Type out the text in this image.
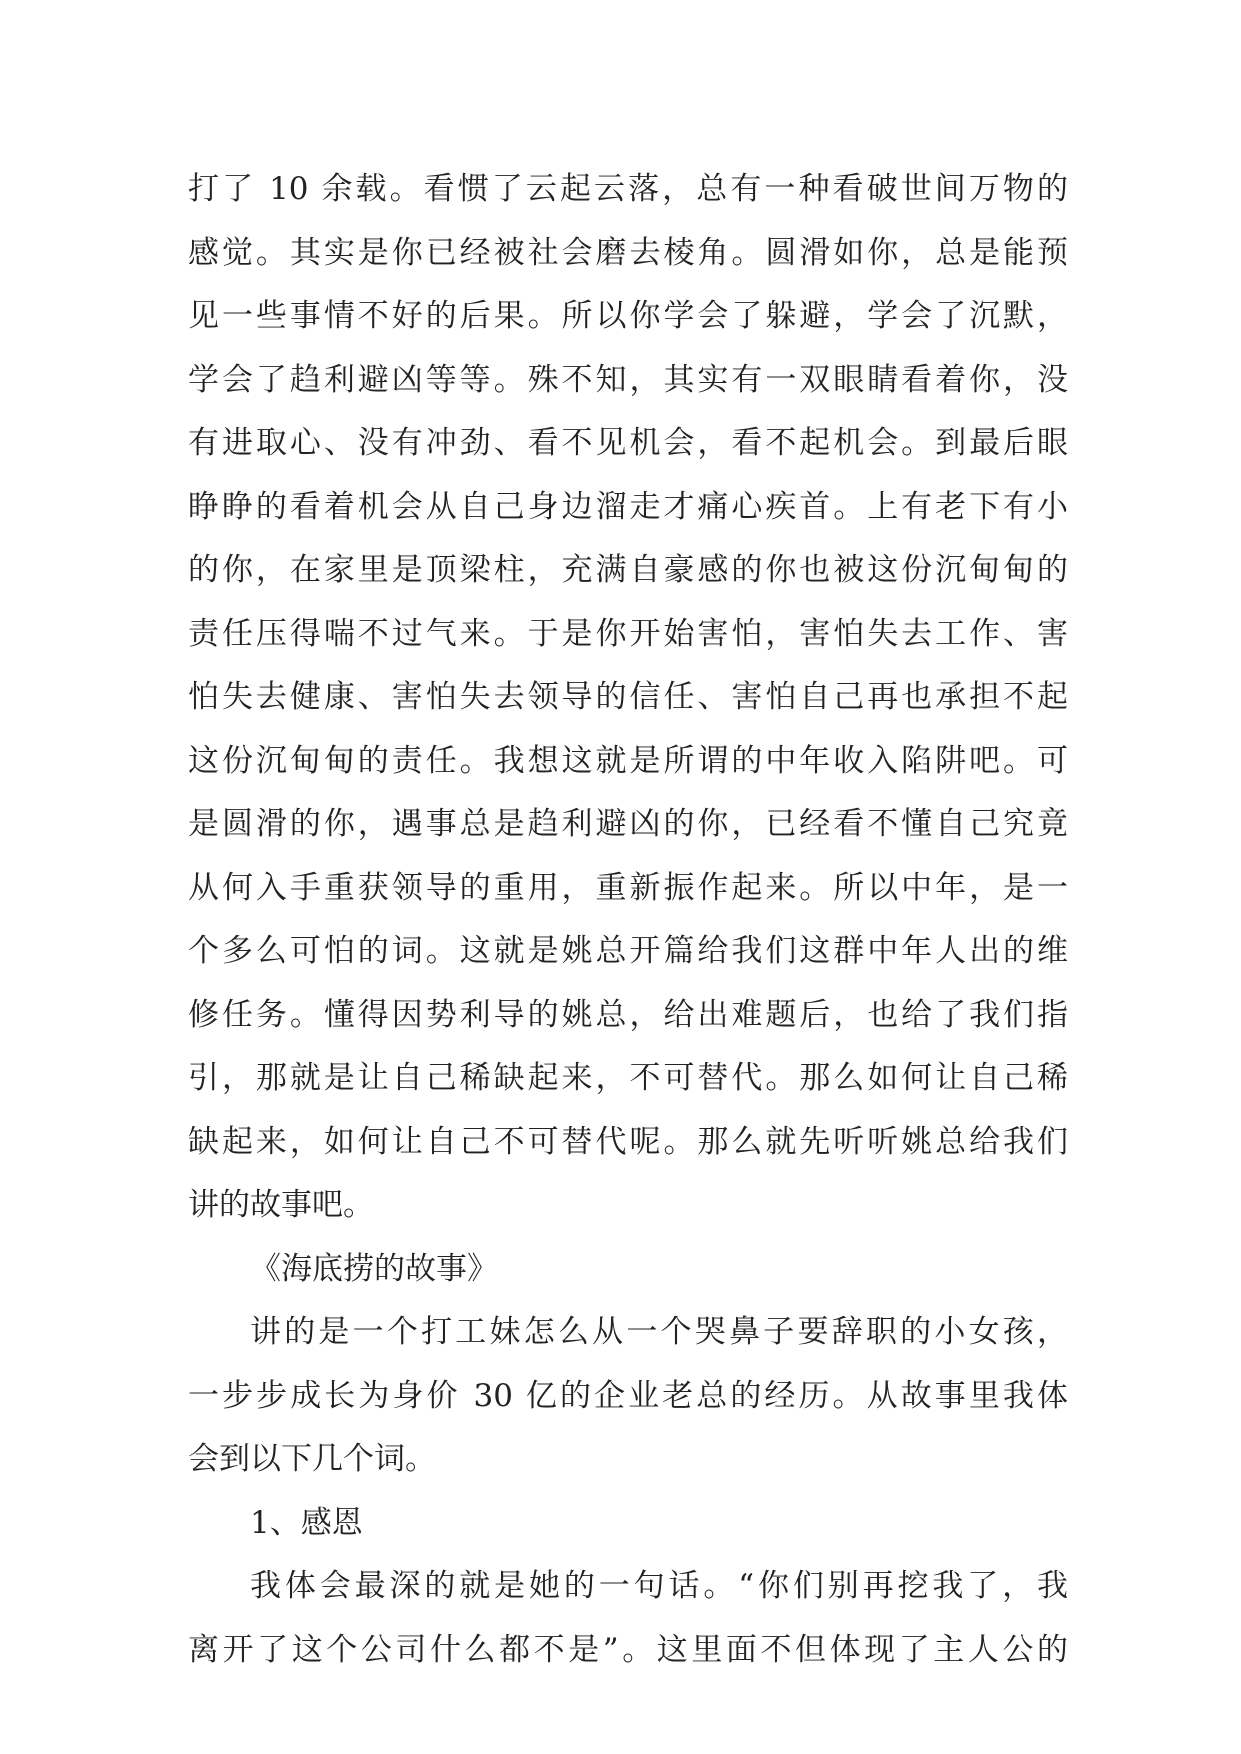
打了 10 余载。看惯了云起云落，总有一种看破世间万物的
感觉。其实是你已经被社会磨去棱角。圆滑如你，总是能预
见一些事情不好的后果。所以你学会了躲避，学会了沉默，
学会了趋利避凶等等。殊不知，其实有一双眼睛看着你，没
有进取心、没有冲劲、看不见机会，看不起机会。到最后眼
睁睁的看着机会从自己身边溜走才痛心疾首。上有老下有小
的你，在家里是顶梁柱，充满自豪感的你也被这份沉甸甸的
责任压得喘不过气来。于是你开始害怕，害怕失去工作、害
怕失去健康、害怕失去领导的信任、害怕自己再也承担不起
这份沉甸甸的责任。我想这就是所谓的中年收入陷阱吧。可
是圆滑的你，遇事总是趋利避凶的你，已经看不懂自己究竟
从何入手重获领导的重用，重新振作起来。所以中年，是一
个多么可怕的词。这就是姚总开篇给我们这群中年人出的维
修任务。懂得因势利导的姚总，给出难题后，也给了我们指
引，那就是让自己稀缺起来，不可替代。那么如何让自己稀
缺起来，如何让自己不可替代呢。那么就先听听姚总给我们
讲的故事吧。
《海底捞的故事》
讲的是一个打工妹怎么从一个哭鼻子要辞职的小女孩，
一步步成长为身价 30 亿的企业老总的经历。从故事里我体
会到以下几个词。
1、感恩
我体会最深的就是她的一句话。“你们别再挖我了，我
离开了这个公司什么都不是”。这里面不但体现了主人公的
